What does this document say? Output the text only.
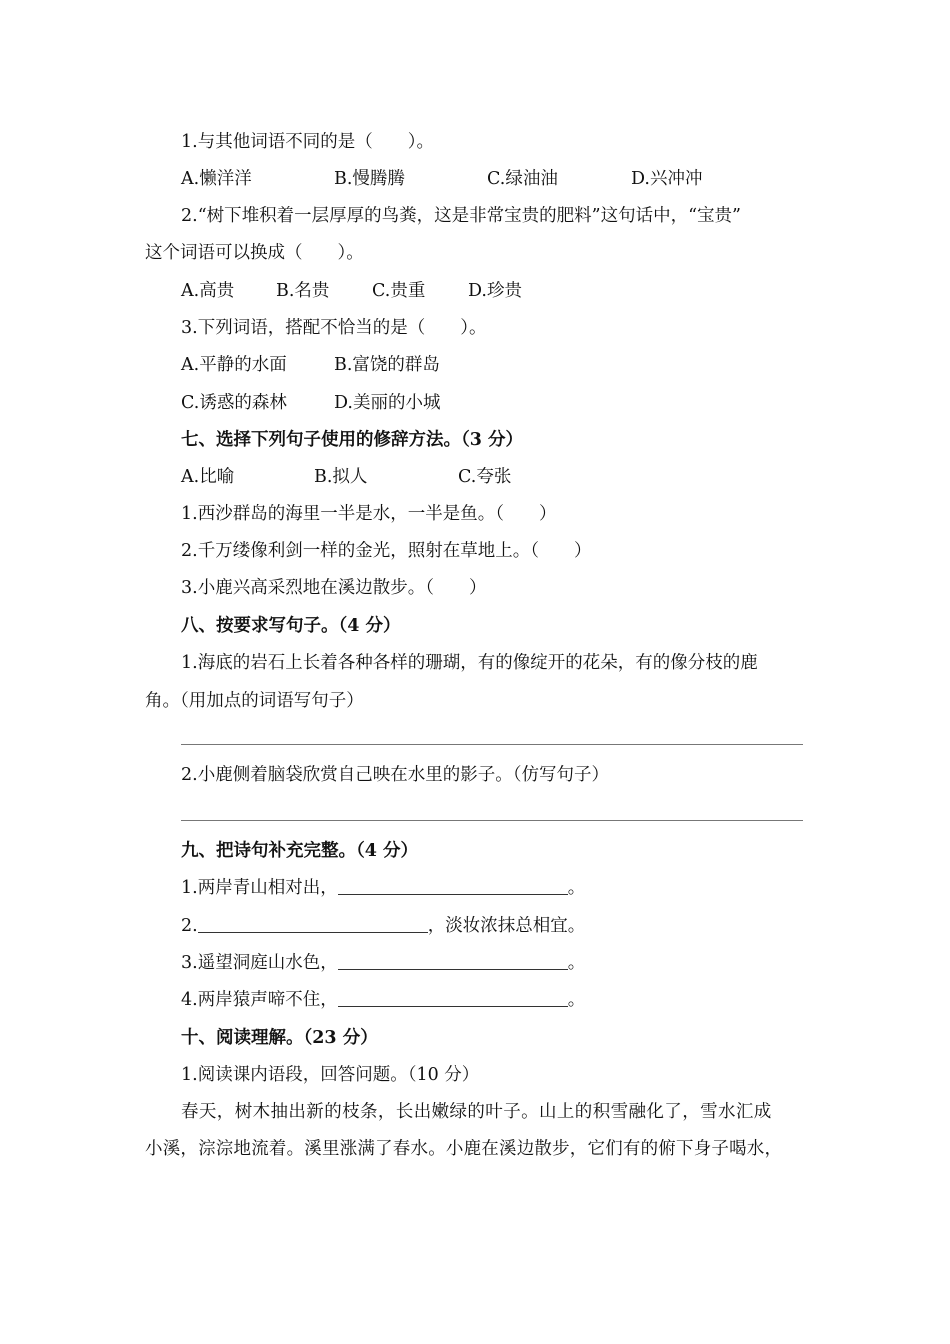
1.与其他词语不同的是（　　）。
A.懒洋洋	B.慢腾腾	C.绿油油	D.兴冲冲
2.“树下堆积着一层厚厚的鸟粪，这是非常宝贵的肥料”这句话中，“宝贵”
这个词语可以换成（　　）。
A.高贵 B.名贵 C.贵重 D.珍贵
3.下列词语，搭配不恰当的是（　　）。
A.平静的水面	B.富饶的群岛
C.诱惑的森林	D.美丽的小城
七、选择下列句子使用的修辞方法。（3 分）
A.比喻	B.拟人	C.夸张
1.西沙群岛的海里一半是水，一半是鱼。（　　）
2.千万缕像利剑一样的金光，照射在草地上。（　　）
3.小鹿兴高采烈地在溪边散步。（　　）
八、按要求写句子。（4 分）
1.海底的岩石上长着各种各样的珊瑚，有的像绽开的花朵，有的像分枝的鹿
角。（用加点的词语写句子）
2.小鹿侧着脑袋欣赏自己映在水里的影子。（仿写句子）
九、把诗句补充完整。（4 分）
1.两岸青山相对出，	。
2.	，淡妆浓抹总相宜。
3.遥望洞庭山水色，	。
4.两岸猿声啼不住，	。
十、阅读理解。（23 分）
1.阅读课内语段，回答问题。（10 分）
春天，树木抽出新的枝条，长出嫩绿的叶子。山上的积雪融化了，雪水汇成
小溪，淙淙地流着。溪里涨满了春水。小鹿在溪边散步，它们有的俯下身子喝水，
